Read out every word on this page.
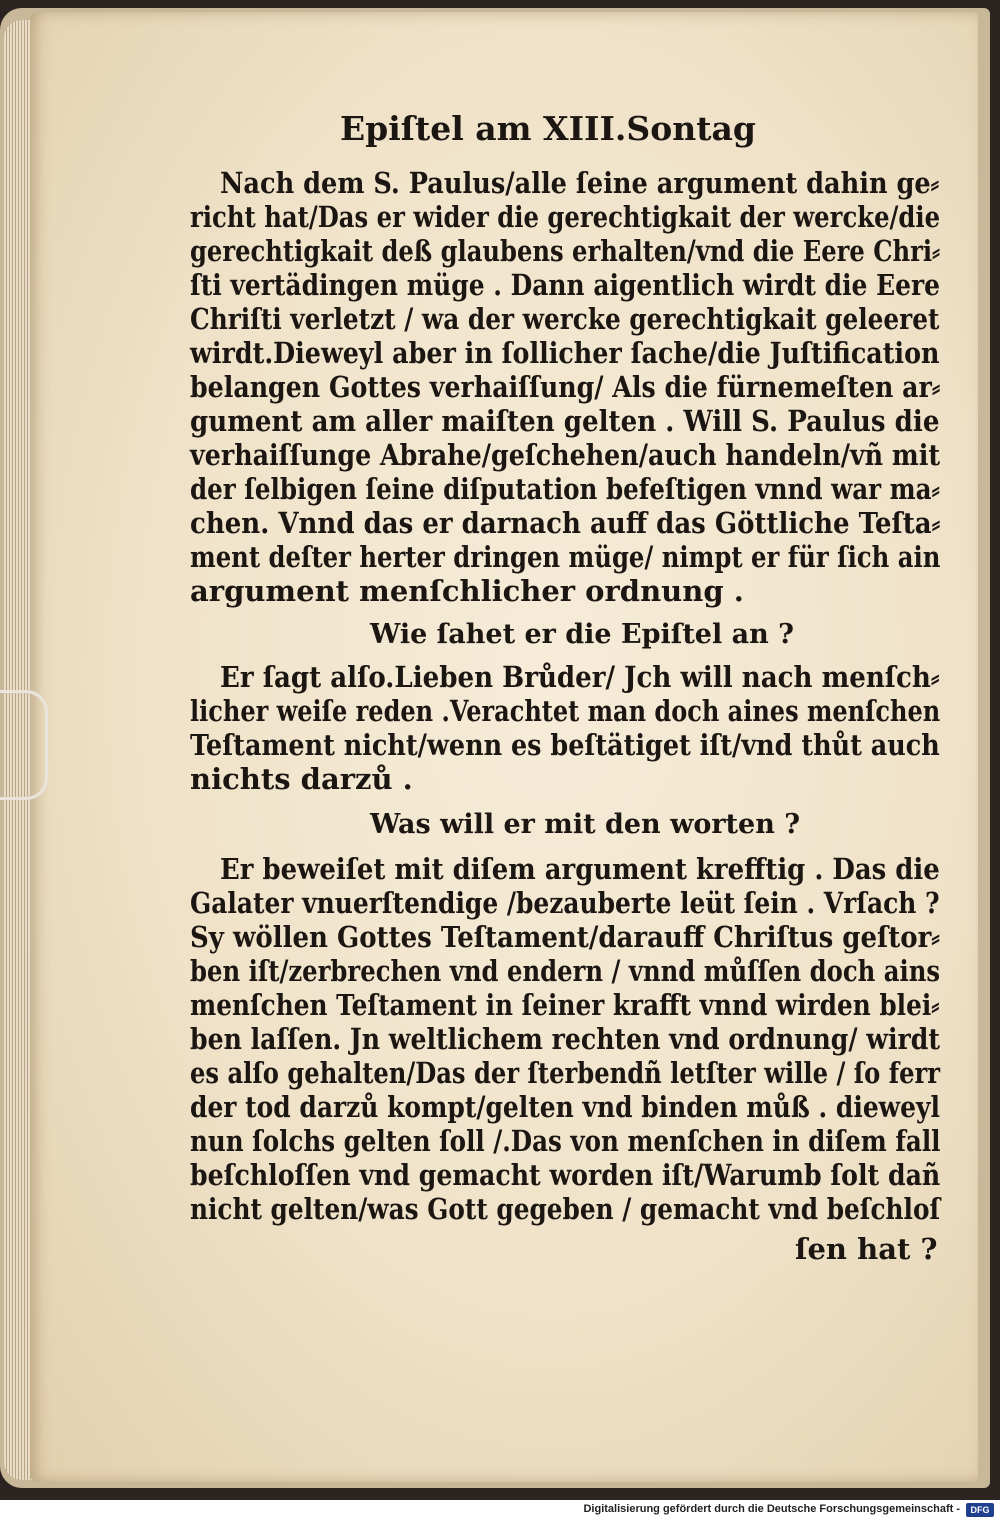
Epiſtel am XIII.Sontag
Nach dem S. Paulus/alle ſeine argument dahin ge⸗
richt hat/Das er wider die gerechtigkait der wercke/die
gerechtigkait deß glaubens erhalten/vnd die Eere Chri⸗
ſti vertädingen müge . Dann aigentlich wirdt die Eere
Chriſti verletzt / wa der wercke gerechtigkait geleeret
wirdt.Dieweyl aber in ſollicher ſache/die Juſtification
belangen Gottes verhaiſſung/ Als die fürnemeſten ar⸗
gument am aller maiſten gelten . Will S. Paulus die
verhaiſſunge Abrahe/geſchehen/auch handeln/vñ mit
der ſelbigen ſeine diſputation befeſtigen vnnd war ma⸗
chen. Vnnd das er darnach auff das Göttliche Teſta⸗
ment deſter herter dringen müge/ nimpt er für ſich ain
argument menſchlicher ordnung .
Wie ſahet er die Epiſtel an ?
Er ſagt alſo.Lieben Brůder/ Jch will nach menſch⸗
licher weiſe reden .Verachtet man doch aines menſchen
Teſtament nicht/wenn es beſtätiget iſt/vnd thůt auch
nichts darzů .
Was will er mit den worten ?
Er beweiſet mit diſem argument krefftig . Das die
Galater vnuerſtendige /bezauberte leüt ſein . Vrſach ?
Sy wöllen Gottes Teſtament/darauff Chriſtus geſtor⸗
ben iſt/zerbrechen vnd endern / vnnd můſſen doch ains
menſchen Teſtament in ſeiner krafft vnnd wirden blei⸗
ben laſſen. Jn weltlichem rechten vnd ordnung/ wirdt
es alſo gehalten/Das der ſterbendñ letſter wille / ſo ferr
der tod darzů kompt/gelten vnd binden můß . dieweyl
nun ſolchs gelten ſoll /.Das von menſchen in diſem fall
beſchloſſen vnd gemacht worden iſt/Warumb ſolt dañ
nicht gelten/was Gott gegeben / gemacht vnd beſchloſ
ſen hat ?
Digitalisierung gefördert durch die Deutsche Forschungsgemeinschaft -	DFG
